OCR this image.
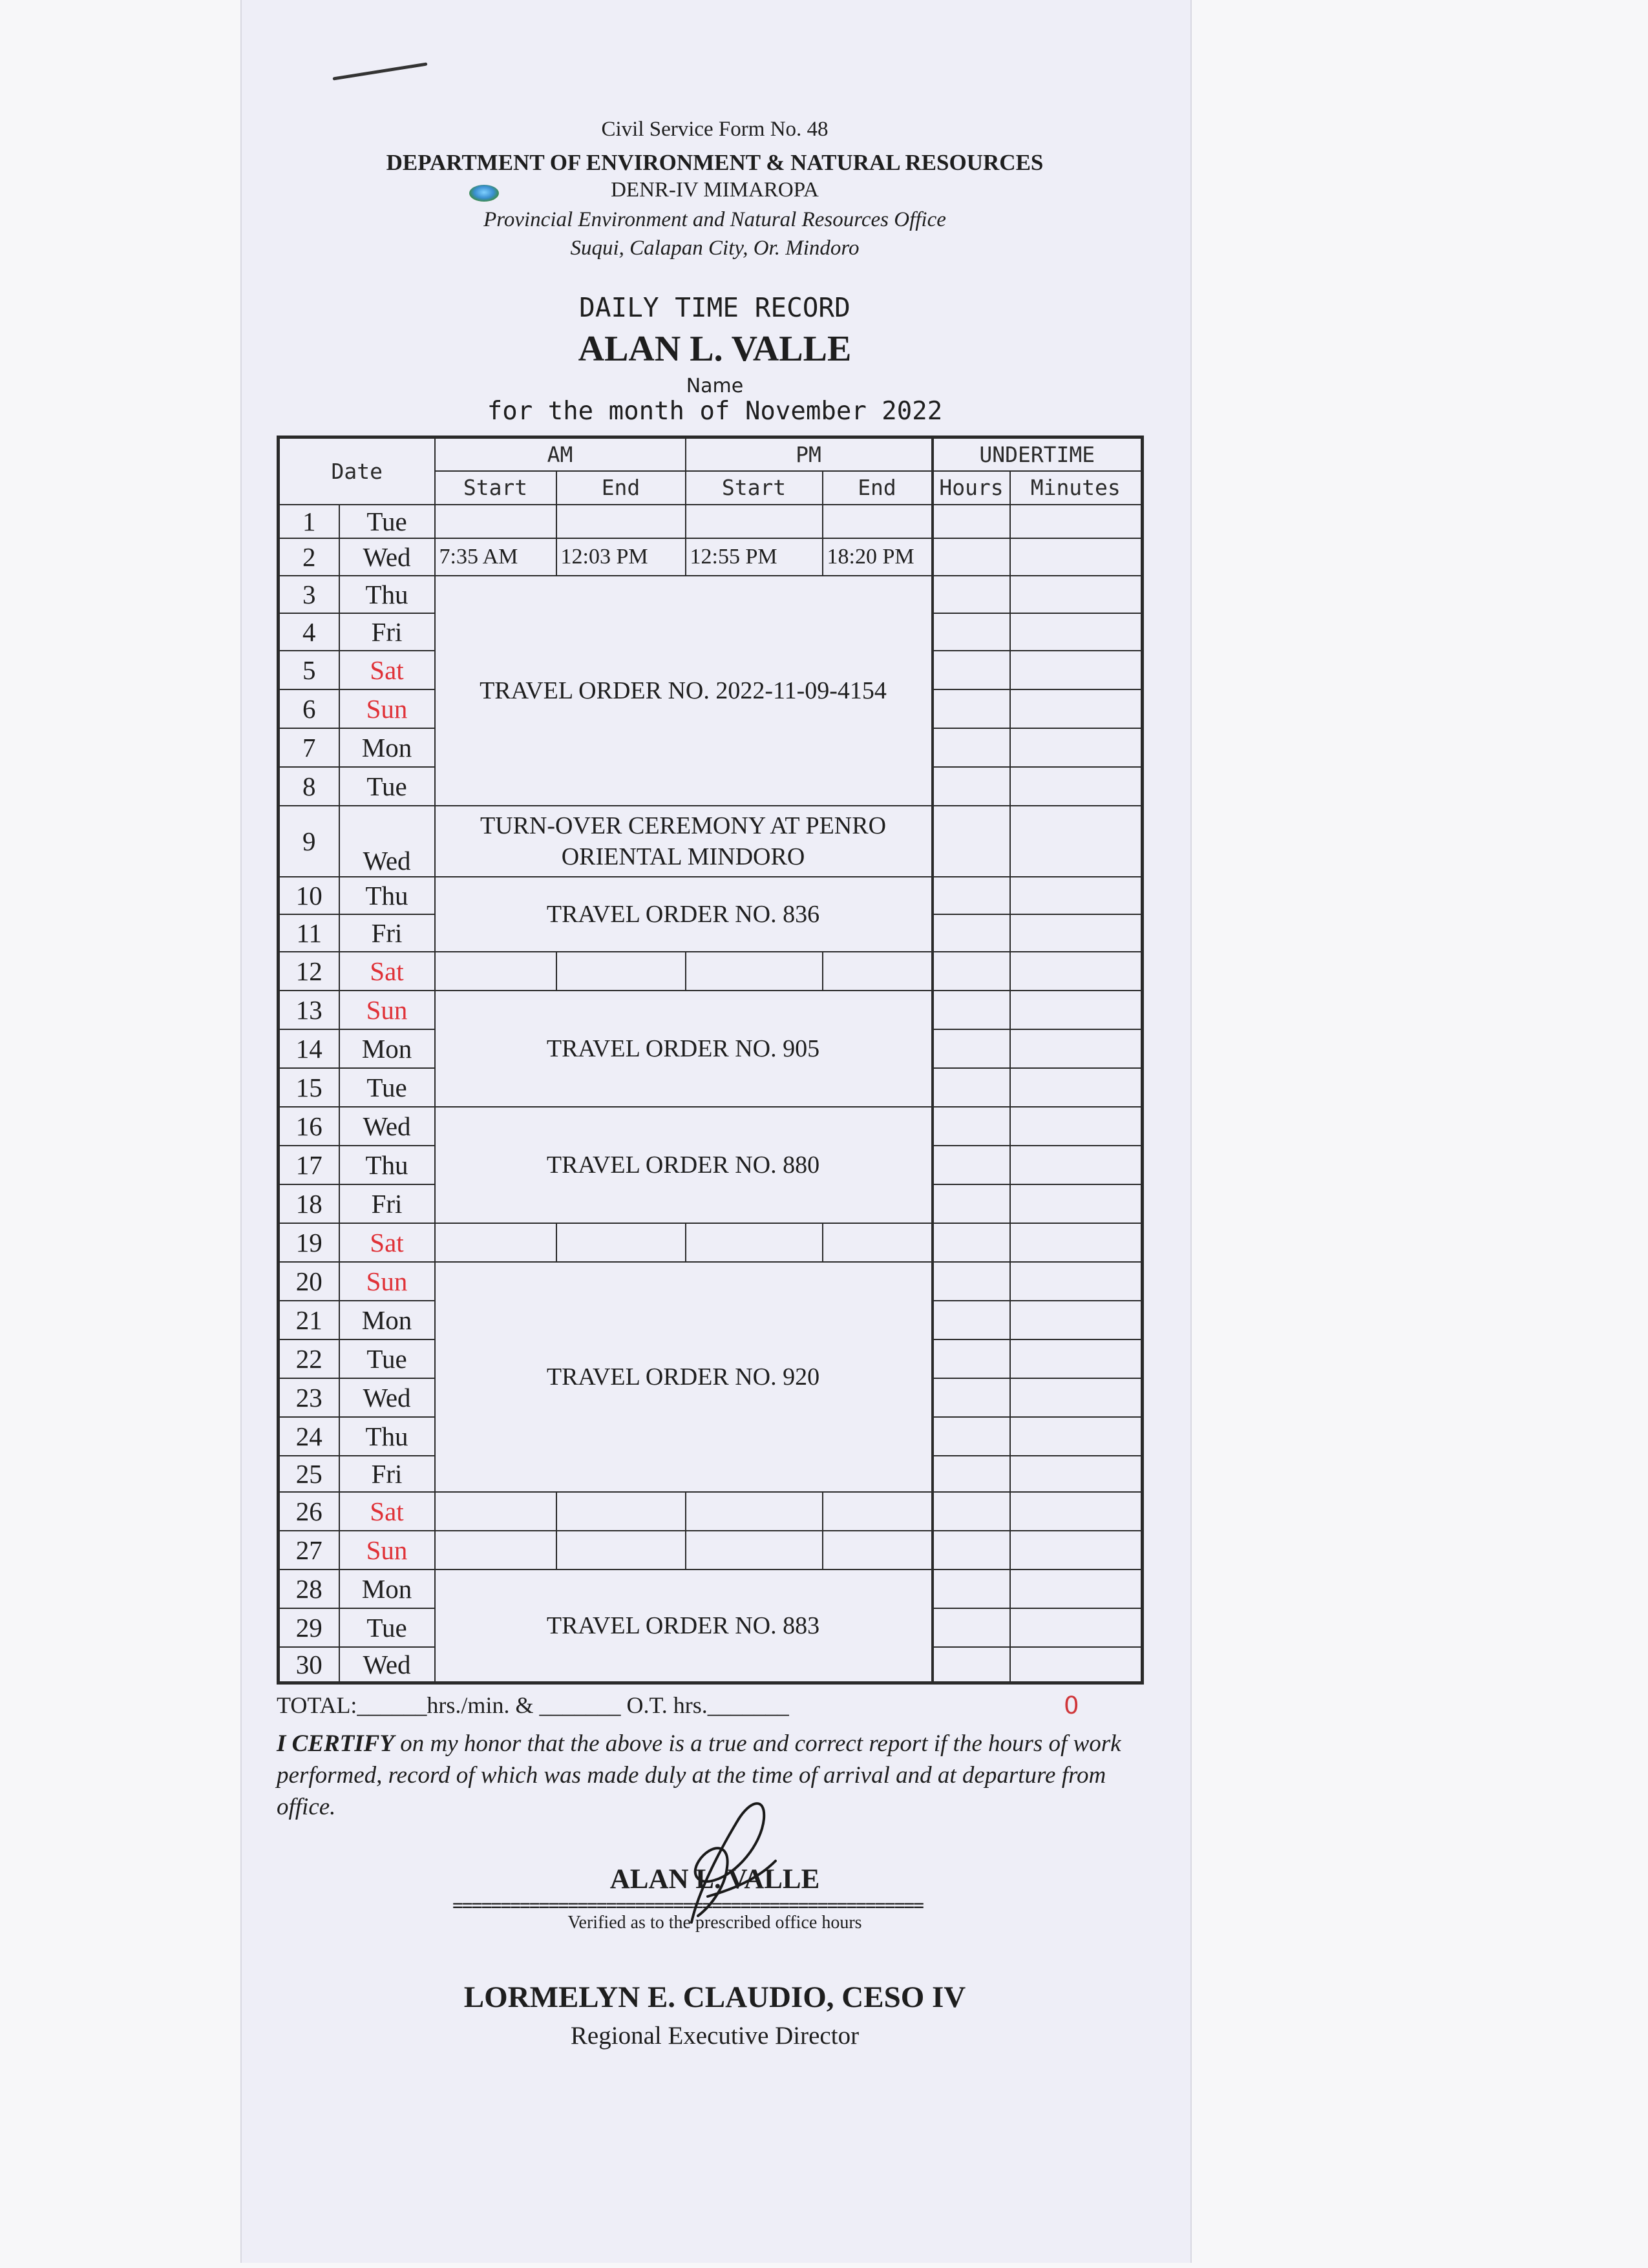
Civil Service Form No. 48
DEPARTMENT OF ENVIRONMENT & NATURAL RESOURCES
DENR-IV MIMAROPA
Provincial Environment and Natural Resources Office
Suqui, Calapan City, Or. Mindoro
DAILY TIME RECORD
ALAN L. VALLE
Name
for the month of November 2022
Date		AM		PM		UNDERTIME	
		Start	End	Start	End	Hours	Minutes
1	Tue						
2	Wed	7:35 AM	12:03 PM	12:55 PM	18:20 PM		
3	Thu	TRAVEL ORDER NO. 2022-11-09-4154					
4	Fri						
5	Sat						
6	Sun						
7	Mon						
8	Tue						
9	Wed	TURN-OVER CEREMONY AT PENRO ORIENTAL MINDORO					
10	Thu	TRAVEL ORDER NO. 836					
11	Fri						
12	Sat						
13	Sun	TRAVEL ORDER NO. 905					
14	Mon						
15	Tue						
16	Wed	TRAVEL ORDER NO. 880					
17	Thu						
18	Fri						
19	Sat						
20	Sun	TRAVEL ORDER NO. 920					
21	Mon						
22	Tue						
23	Wed						
24	Thu						
25	Fri						
26	Sat						
27	Sun						
28	Mon	TRAVEL ORDER NO. 883					
29	Tue						
30	Wed						
TOTAL:______hrs./min. & _______ O.T. hrs._______	0
I CERTIFY on my honor that the above is a true and correct report if the hours of work performed, record of which was made duly at the time of arrival and at departure from office.
ALAN L. VALLE
=================================================
Verified as to the prescribed office hours
LORMELYN E. CLAUDIO, CESO IV
Regional Executive Director
